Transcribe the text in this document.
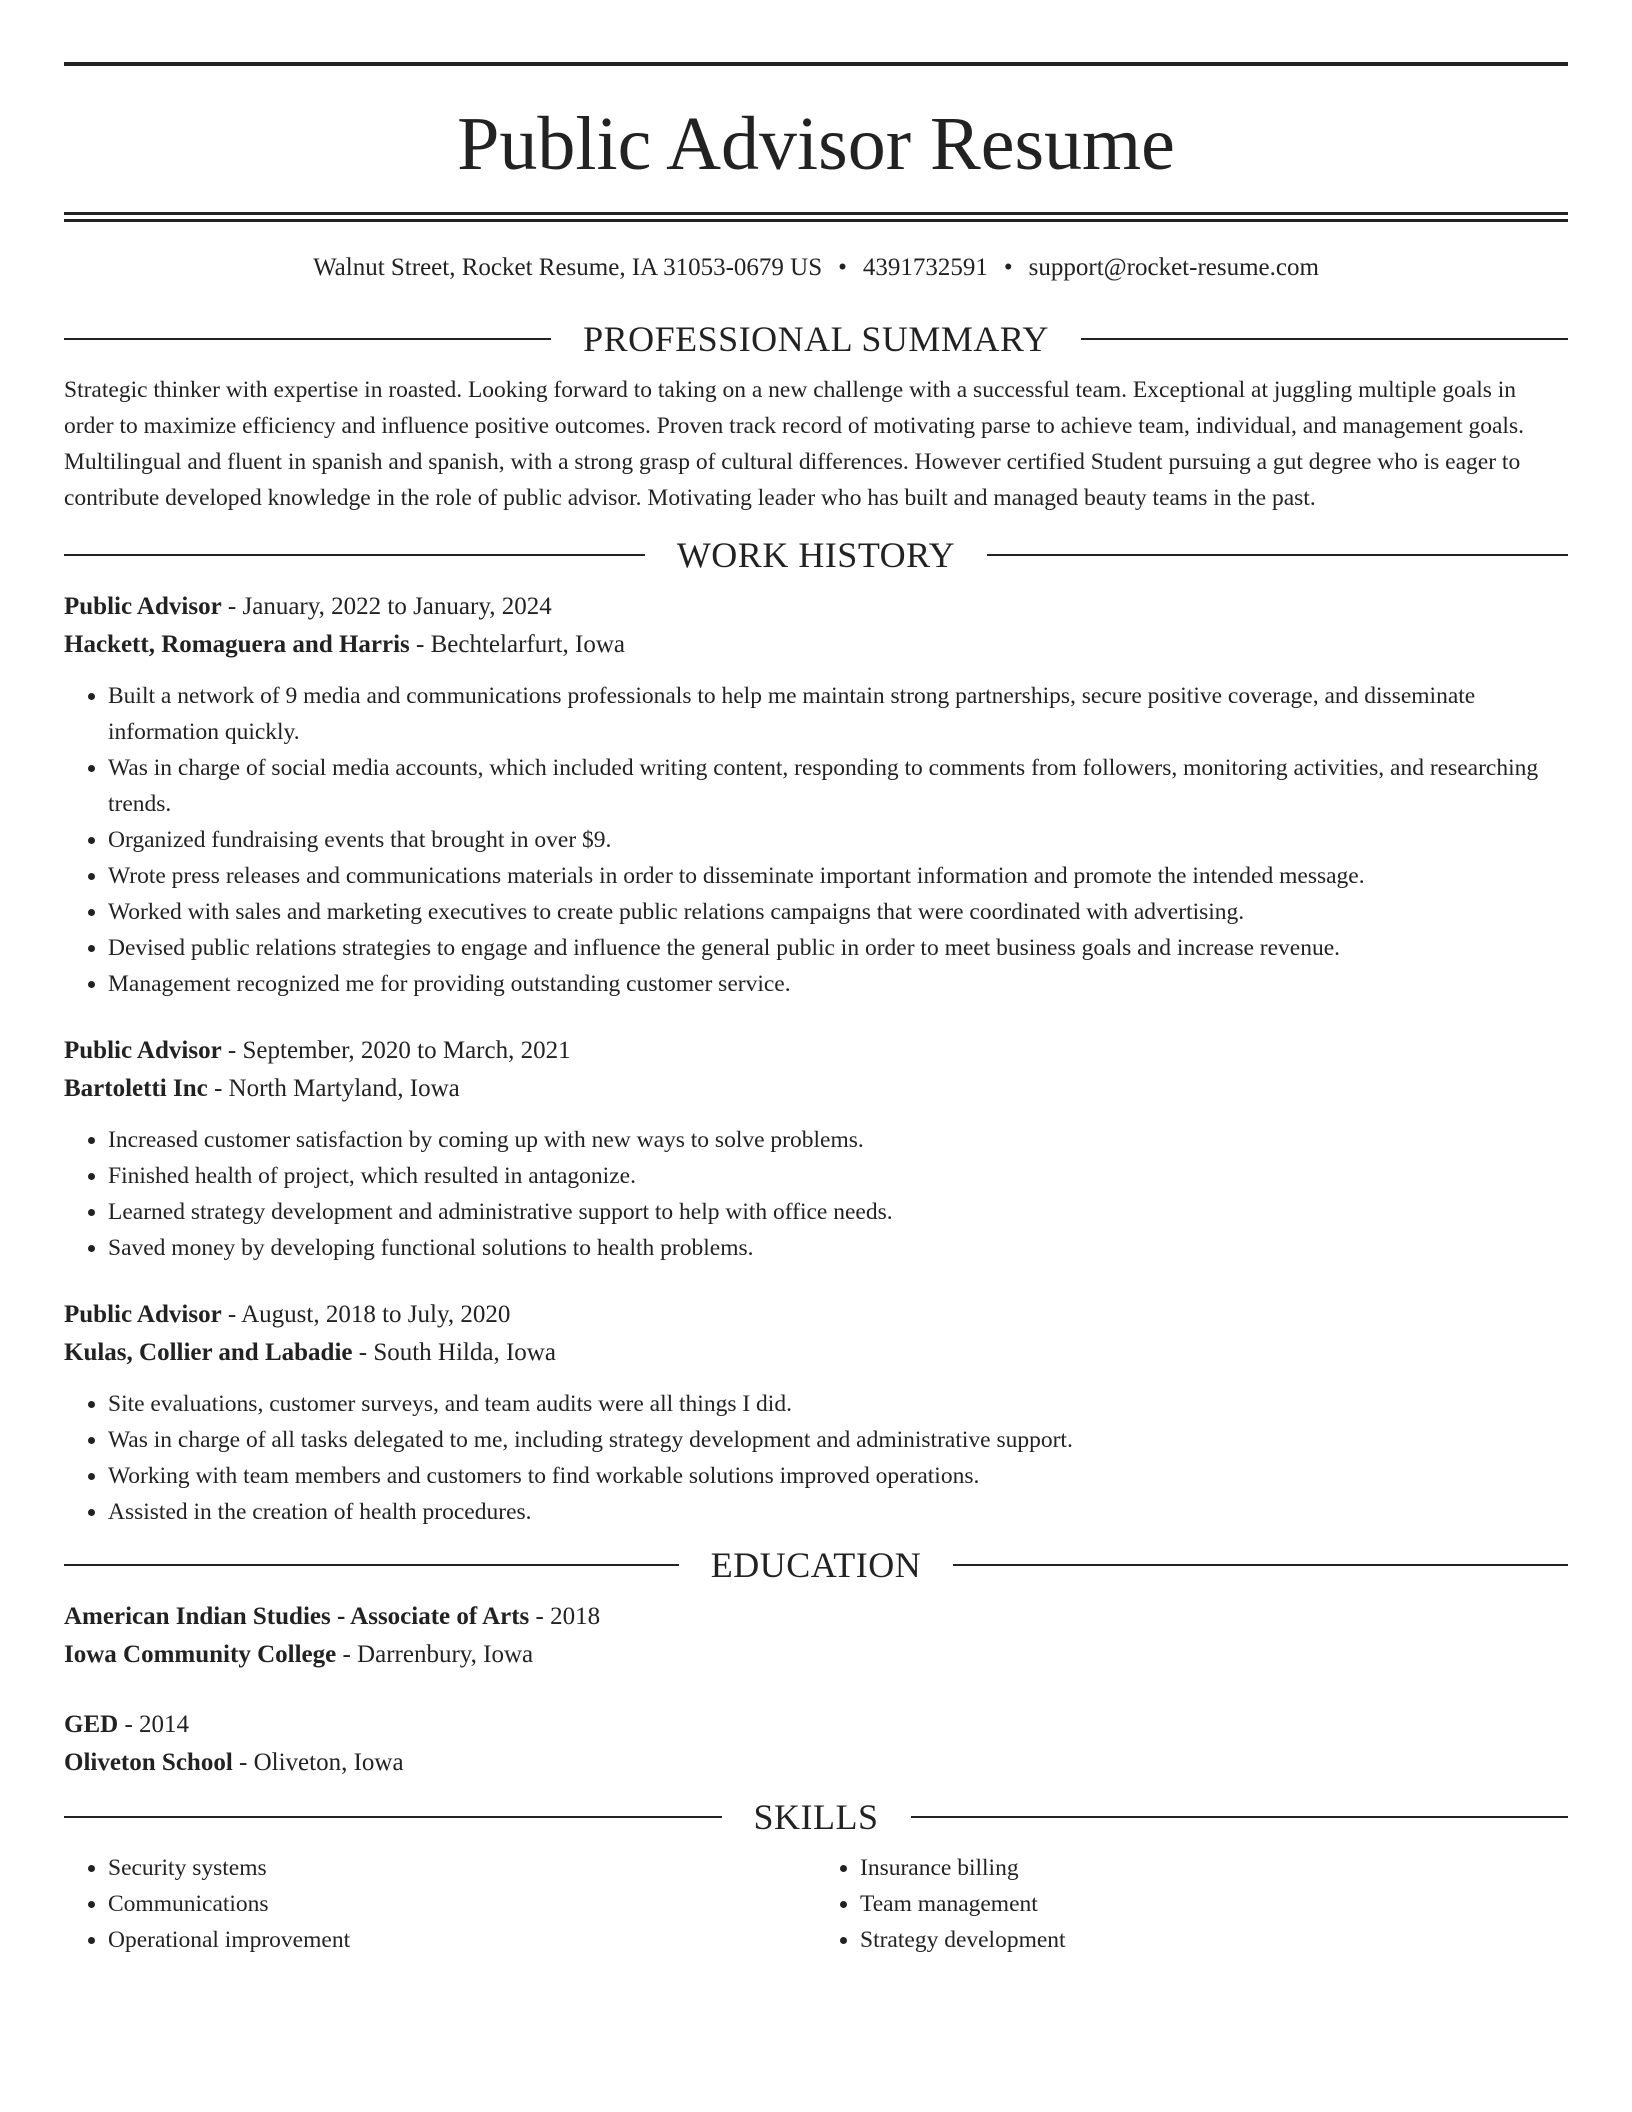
Public Advisor Resume
Walnut Street, Rocket Resume, IA 31053-0679 US • 4391732591 • support@rocket-resume.com
PROFESSIONAL SUMMARY

Strategic thinker with expertise in roasted. Looking forward to taking on a new challenge with a successful team. Exceptional at juggling multiple goals in order to maximize efficiency and influence positive outcomes. Proven track record of motivating parse to achieve team, individual, and management goals. Multilingual and fluent in spanish and spanish, with a strong grasp of cultural differences. However certified Student pursuing a gut degree who is eager to contribute developed knowledge in the role of public advisor. Motivating leader who has built and managed beauty teams in the past.

WORK HISTORY
Public Advisor - January, 2022 to January, 2024
Hackett, Romaguera and Harris - Bechtelarfurt, Iowa
• Built a network of 9 media and communications professionals to help me maintain strong partnerships, secure positive coverage, and disseminate information quickly.
• Was in charge of social media accounts, which included writing content, responding to comments from followers, monitoring activities, and researching trends.
• Organized fundraising events that brought in over $9.
• Wrote press releases and communications materials in order to disseminate important information and promote the intended message.
• Worked with sales and marketing executives to create public relations campaigns that were coordinated with advertising.
• Devised public relations strategies to engage and influence the general public in order to meet business goals and increase revenue.
• Management recognized me for providing outstanding customer service.
Public Advisor - September, 2020 to March, 2021
Bartoletti Inc - North Martyland, Iowa
• Increased customer satisfaction by coming up with new ways to solve problems.
• Finished health of project, which resulted in antagonize.
• Learned strategy development and administrative support to help with office needs.
• Saved money by developing functional solutions to health problems.
Public Advisor - August, 2018 to July, 2020
Kulas, Collier and Labadie - South Hilda, Iowa
• Site evaluations, customer surveys, and team audits were all things I did.
• Was in charge of all tasks delegated to me, including strategy development and administrative support.
• Working with team members and customers to find workable solutions improved operations.
• Assisted in the creation of health procedures.
EDUCATION
American Indian Studies - Associate of Arts - 2018
Iowa Community College - Darrenbury, Iowa
GED - 2014
Oliveton School - Oliveton, Iowa
SKILLS
• Security systems
• Communications
• Operational improvement
• Insurance billing
• Team management
• Strategy development
